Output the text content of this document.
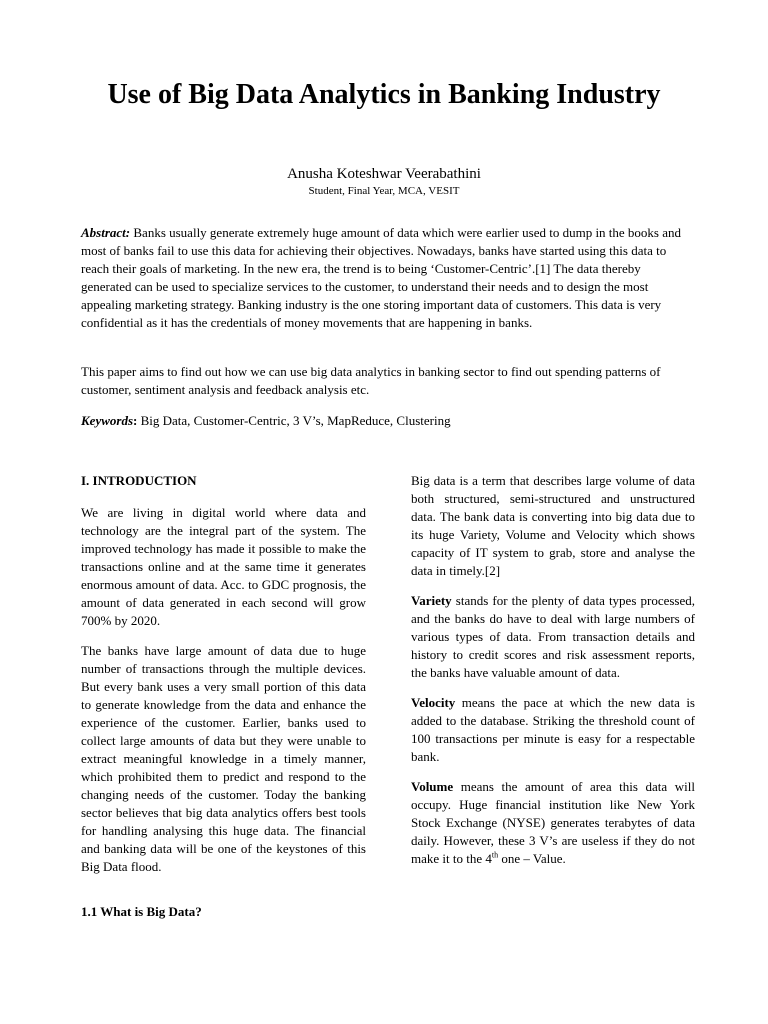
Use of Big Data Analytics in Banking Industry
Anusha Koteshwar Veerabathini
Student, Final Year, MCA, VESIT

Abstract: Banks usually generate extremely huge amount of data which were earlier used to dump in the books and most of banks fail to use this data for achieving their objectives. Nowadays, banks have started using this data to reach their goals of marketing. In the new era, the trend is to being ‘Customer-Centric’.[1] The data thereby generated can be used to specialize services to the customer, to understand their needs and to design the most appealing marketing strategy. Banking industry is the one storing important data of customers. This data is very confidential as it has the credentials of money movements that are happening in banks.

This paper aims to find out how we can use big data analytics in banking sector to find out spending patterns of customer, sentiment analysis and feedback analysis etc.

Keywords: Big Data, Customer-Centric, 3 V’s, MapReduce, Clustering

I. INTRODUCTION

We are living in digital world where data and technology are the integral part of the system. The improved technology has made it possible to make the transactions online and at the same time it generates enormous amount of data. Acc. to GDC prognosis, the amount of data generated in each second will grow 700% by 2020.

The banks have large amount of data due to huge number of transactions through the multiple devices. But every bank uses a very small portion of this data to generate knowledge from the data and enhance the experience of the customer. Earlier, banks used to collect large amounts of data but they were unable to extract meaningful knowledge in a timely manner, which prohibited them to predict and respond to the changing needs of the customer. Today the banking sector believes that big data analytics offers best tools for handling analysing this huge data. The financial and banking data will be one of the keystones of this Big Data flood.

1.1 What is Big Data?

Big data is a term that describes large volume of data both structured, semi-structured and unstructured data. The bank data is converting into big data due to its huge Variety, Volume and Velocity which shows capacity of IT system to grab, store and analyse the data in timely.[2]

Variety stands for the plenty of data types processed, and the banks do have to deal with large numbers of various types of data. From transaction details and history to credit scores and risk assessment reports, the banks have valuable amount of data.

Velocity means the pace at which the new data is added to the database. Striking the threshold count of 100 transactions per minute is easy for a respectable bank.

Volume means the amount of area this data will occupy. Huge financial institution like New York Stock Exchange (NYSE) generates terabytes of data daily. However, these 3 V’s are useless if they do not make it to the 4th one – Value.
